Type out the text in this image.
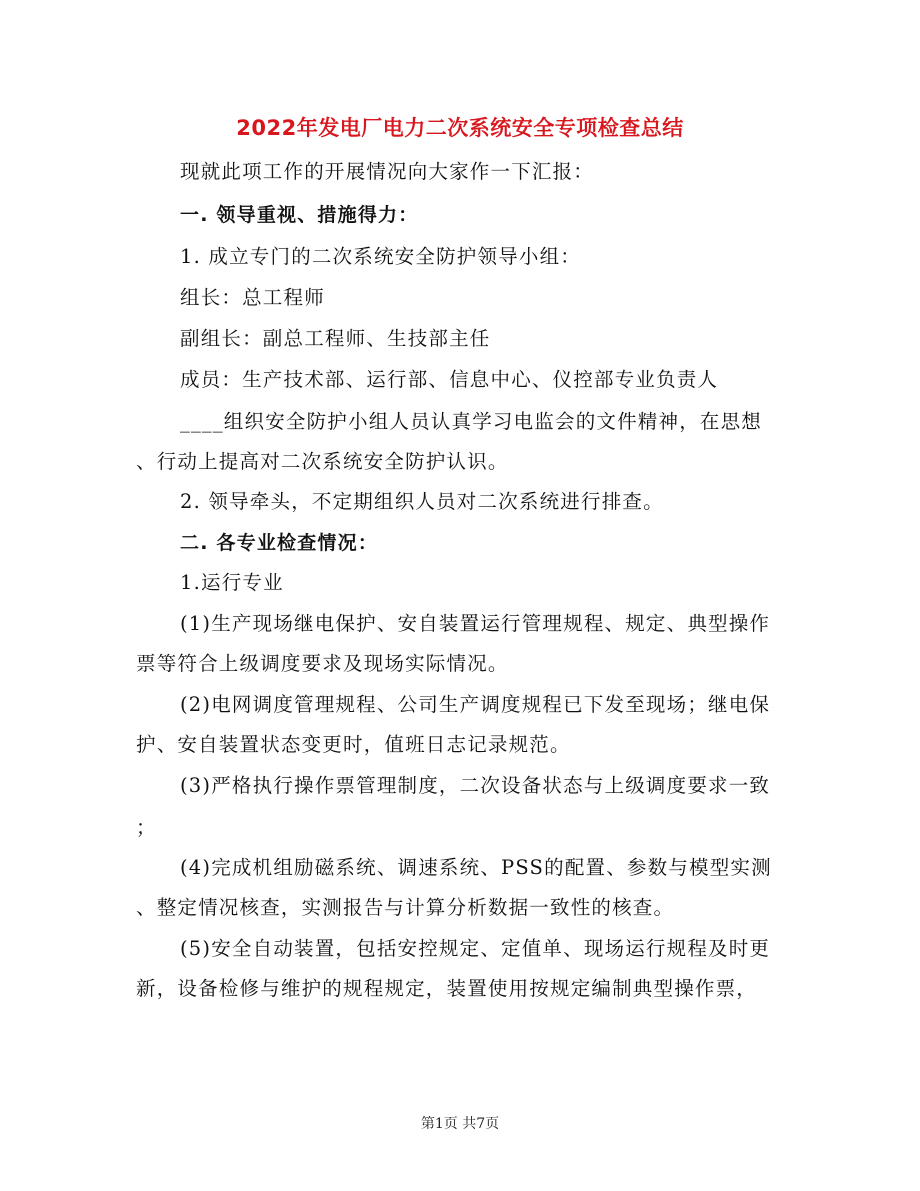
2022年发电厂电力二次系统安全专项检查总结
现就此项工作的开展情况向大家作一下汇报：
一. 领导重视、措施得力：
1. 成立专门的二次系统安全防护领导小组：
组长：总工程师
副组长：副总工程师、生技部主任
成员：生产技术部、运行部、信息中心、仪控部专业负责人
____组织安全防护小组人员认真学习电监会的文件精神，在思想
、行动上提高对二次系统安全防护认识。
2. 领导牵头，不定期组织人员对二次系统进行排查。
二. 各专业检查情况：
1.运行专业
(1)生产现场继电保护、安自装置运行管理规程、规定、典型操作
票等符合上级调度要求及现场实际情况。
(2)电网调度管理规程、公司生产调度规程已下发至现场；继电保
护、安自装置状态变更时，值班日志记录规范。
(3)严格执行操作票管理制度，二次设备状态与上级调度要求一致
；
(4)完成机组励磁系统、调速系统、PSS的配置、参数与模型实测
、整定情况核查，实测报告与计算分析数据一致性的核查。
(5)安全自动装置，包括安控规定、定值单、现场运行规程及时更
新，设备检修与维护的规程规定，装置使用按规定编制典型操作票，
第1页 共7页
